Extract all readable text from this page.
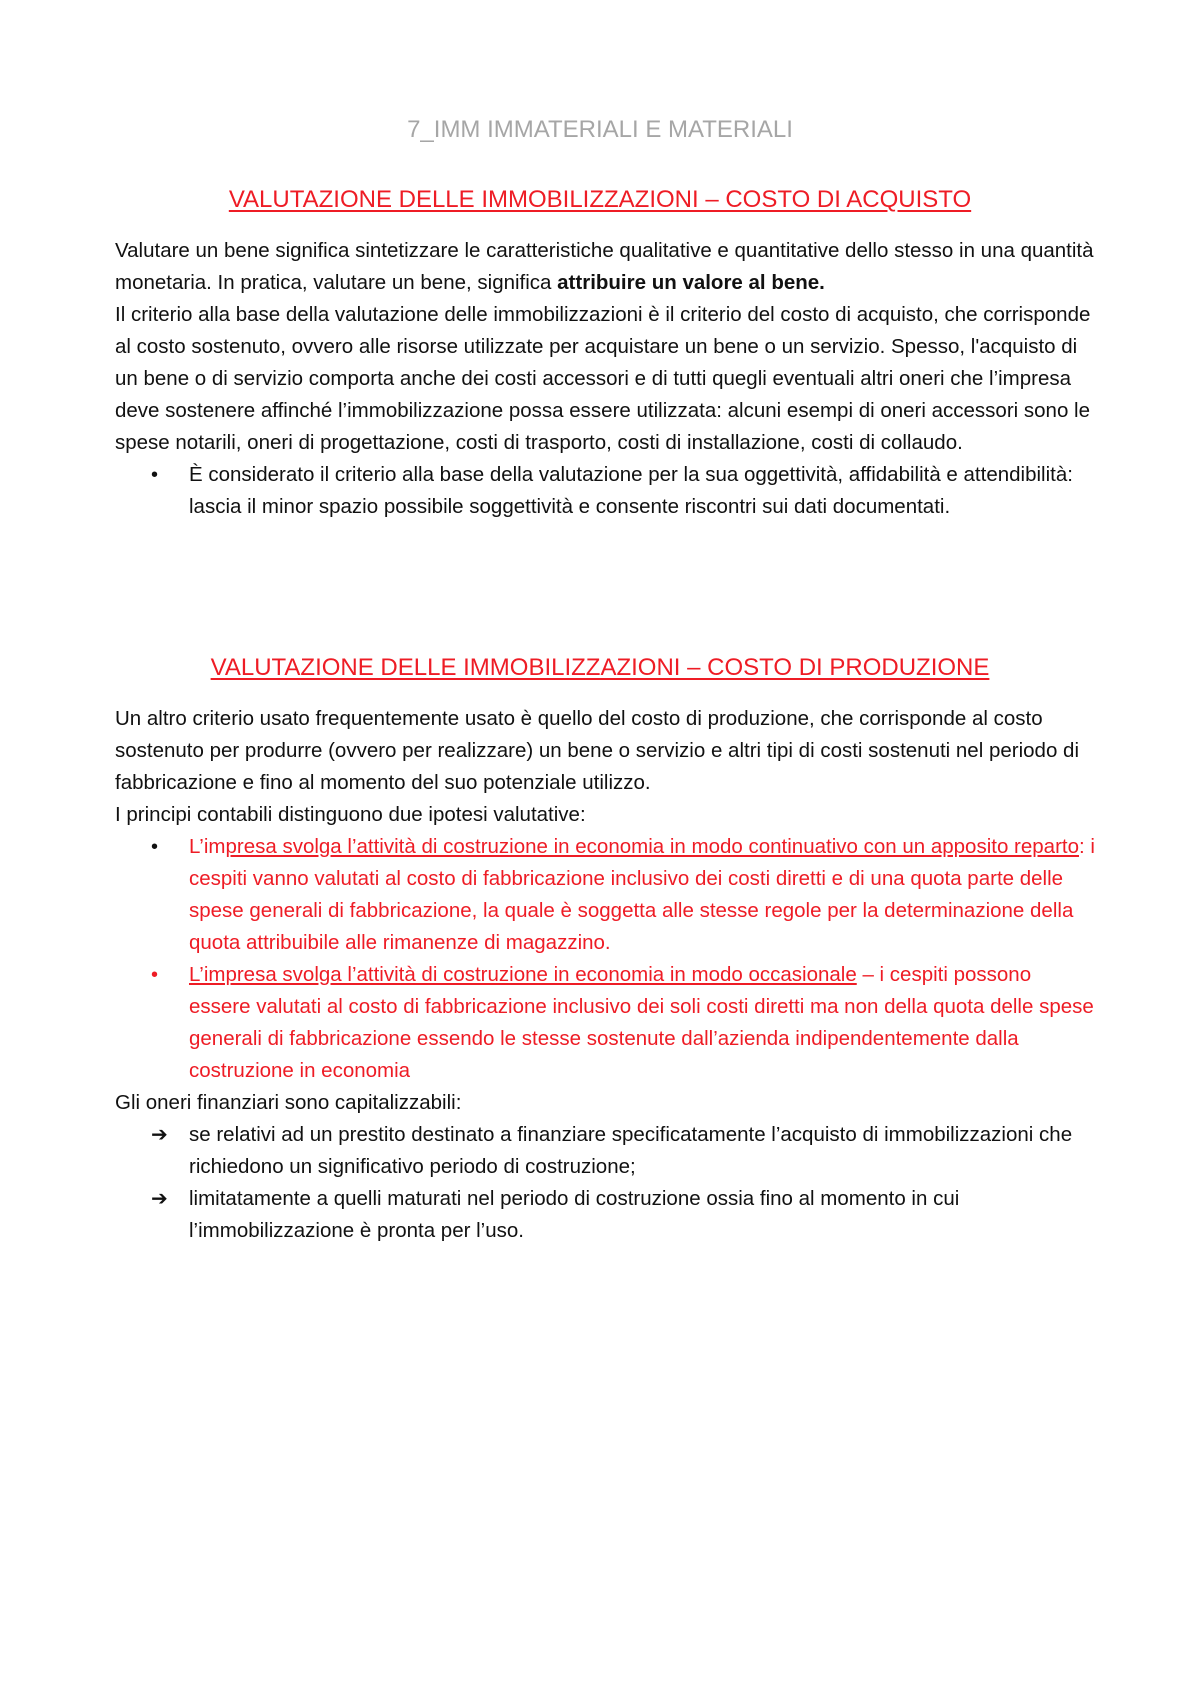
7_IMM IMMATERIALI E MATERIALI
VALUTAZIONE DELLE IMMOBILIZZAZIONI – COSTO DI ACQUISTO

Valutare un bene significa sintetizzare le caratteristiche qualitative e quantitative dello stesso in una quantità monetaria. In pratica, valutare un bene, significa attribuire un valore al bene.

Il criterio alla base della valutazione delle immobilizzazioni è il criterio del costo di acquisto, che corrisponde al costo sostenuto, ovvero alle risorse utilizzate per acquistare un bene o un servizio. Spesso, l'acquisto di un bene o di servizio comporta anche dei costi accessori e di tutti quegli eventuali altri oneri che l’impresa deve sostenere affinché l’immobilizzazione possa essere utilizzata: alcuni esempi di oneri accessori sono le spese notarili, oneri di progettazione, costi di trasporto, costi di installazione, costi di collaudo.

•	È considerato il criterio alla base della valutazione per la sua oggettività, affidabilità e attendibilità: lascia il minor spazio possibile soggettività e consente riscontri sui dati documentati.
VALUTAZIONE DELLE IMMOBILIZZAZIONI – COSTO DI PRODUZIONE

Un altro criterio usato frequentemente usato è quello del costo di produzione, che corrisponde al costo sostenuto per produrre (ovvero per realizzare) un bene o servizio e altri tipi di costi sostenuti nel periodo di fabbricazione e fino al momento del suo potenziale utilizzo.

I principi contabili distinguono due ipotesi valutative:

•	L’impresa svolga l’attività di costruzione in economia in modo continuativo con un apposito reparto: i cespiti vanno valutati al costo di fabbricazione inclusivo dei costi diretti e di una quota parte delle spese generali di fabbricazione, la quale è soggetta alle stesse regole per la determinazione della quota attribuibile alle rimanenze di magazzino.
•	L’impresa svolga l’attività di costruzione in economia in modo occasionale – i cespiti possono essere valutati al costo di fabbricazione inclusivo dei soli costi diretti ma non della quota delle spese generali di fabbricazione essendo le stesse sostenute dall’azienda indipendentemente dalla costruzione in economia

Gli oneri finanziari sono capitalizzabili:

➔	se relativi ad un prestito destinato a finanziare specificatamente l’acquisto di immobilizzazioni che richiedono un significativo periodo di costruzione;
➔	limitatamente a quelli maturati nel periodo di costruzione ossia fino al momento in cui l’immobilizzazione è pronta per l’uso.
